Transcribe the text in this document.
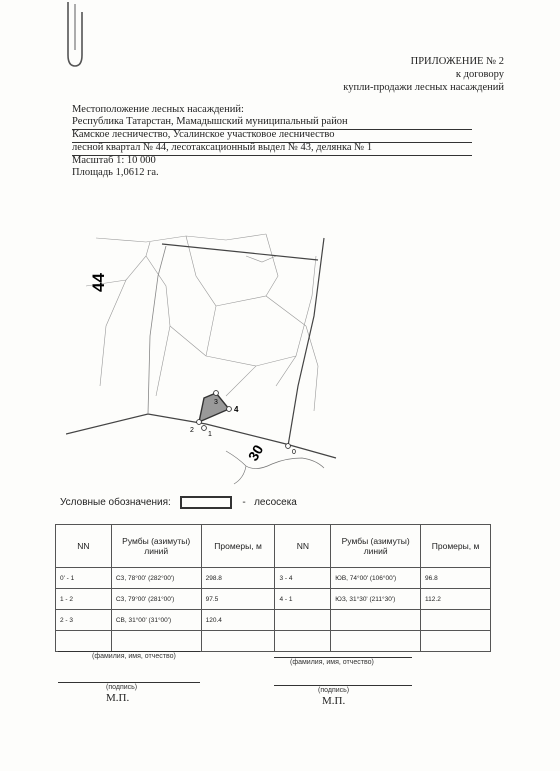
ПРИЛОЖЕНИЕ № 2
к договору
купли-продажи лесных насаждений
Местоположение лесных насаждений:
Республика Татарстан, Мамадышский муниципальный район
Камское лесничество, Усалинское участковое лесничество
лесной квартал № 44, лесотаксационный выдел № 43, делянка № 1
Масштаб 1: 10 000
Площадь 1,0612 га.
3
4
2
1
0
44
30
Условные обозначения:	- лесосека
NN	Румбы (азимуты) линий	Промеры, м	NN	Румбы (азимуты) линий	Промеры, м
0' - 1	СЗ, 78°00' (282°00')	298.8	3 - 4	ЮВ, 74°00' (106°00')	96.8
1 - 2	СЗ, 79°00' (281°00')	97.5	4 - 1	ЮЗ, 31°30' (211°30')	112.2
2 - 3	СВ, 31°00' (31°00')	120.4			

(фамилия, имя, отчество)
(подпись)
М.П.
(фамилия, имя, отчество)
(подпись)
М.П.
